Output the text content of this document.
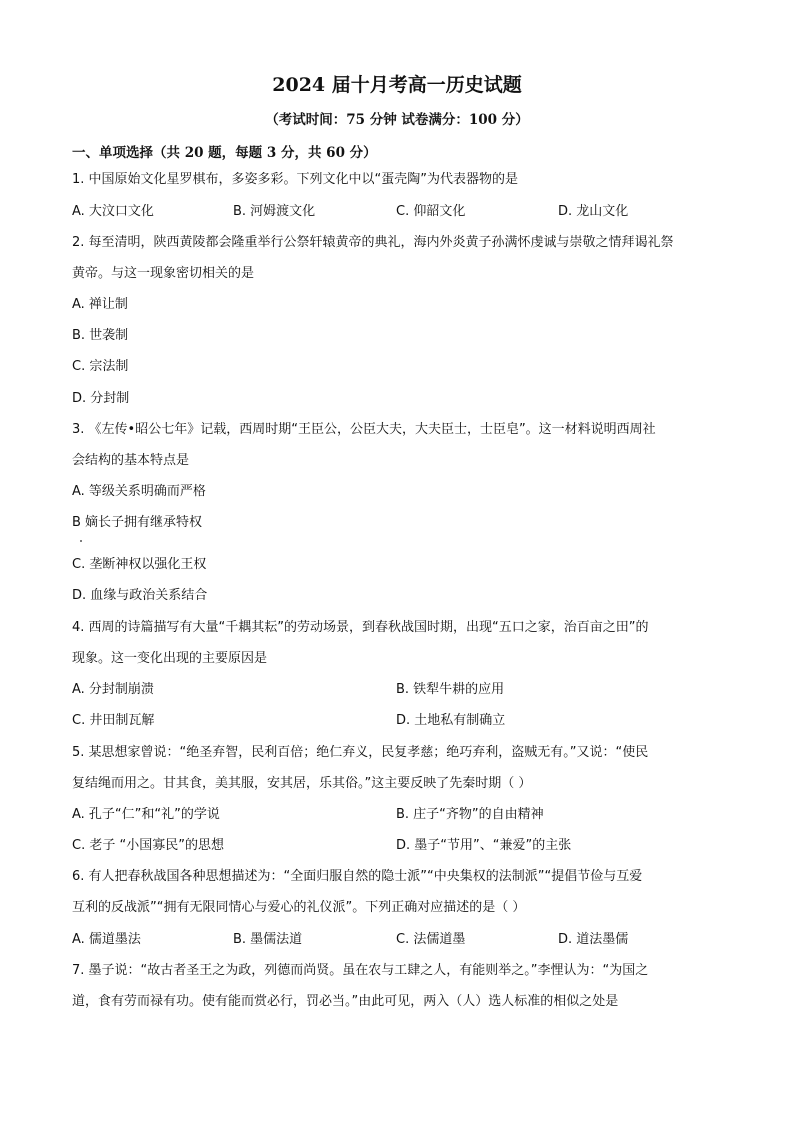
2024 届十月考高一历史试题
（考试时间：75 分钟 试卷满分：100 分）
一、单项选择（共 20 题，每题 3 分，共 60 分）
1. 中国原始文化星罗棋布，多姿多彩。下列文化中以“蛋壳陶”为代表器物的是
A. 大汶口文化	B. 河姆渡文化	C. 仰韶文化	D. 龙山文化
2. 每至清明，陕西黄陵都会隆重举行公祭轩辕黄帝的典礼，海内外炎黄子孙满怀虔诚与崇敬之情拜谒礼祭
黄帝。与这一现象密切相关的是
A. 禅让制
B. 世袭制
C. 宗法制
D. 分封制
3. 《左传•昭公七年》记载，西周时期“王臣公，公臣大夫，大夫臣士，士臣皂”。这一材料说明西周社
会结构的基本特点是
A. 等级关系明确而严格
B 嫡长子拥有继承特权
C. 垄断神权以强化王权
D. 血缘与政治关系结合
4. 西周的诗篇描写有大量“千耦其耘”的劳动场景，到春秋战国时期，出现“五口之家，治百亩之田”的
现象。这一变化出现的主要原因是
A. 分封制崩溃	B. 铁犁牛耕的应用
C. 井田制瓦解	D. 土地私有制确立
5. 某思想家曾说：“绝圣弃智，民利百倍；绝仁弃义，民复孝慈；绝巧弃利，盗贼无有。”又说：“使民
复结绳而用之。甘其食，美其服，安其居，乐其俗。”这主要反映了先秦时期（ ）
A. 孔子“仁”和“礼”的学说	B. 庄子“齐物”的自由精神
C. 老子 “小国寡民”的思想	D. 墨子“节用”、“兼爱”的主张
6. 有人把春秋战国各种思想描述为：“全面归服自然的隐士派”“中央集权的法制派”“提倡节俭与互爱
互利的反战派”“拥有无限同情心与爱心的礼仪派”。下列正确对应描述的是（ ）
A. 儒道墨法	B. 墨儒法道	C. 法儒道墨	D. 道法墨儒
7. 墨子说：“故古者圣王之为政，列德而尚贤。虽在农与工肆之人，有能则举之。”李悝认为：“为国之
道，食有劳而禄有功。使有能而赏必行，罚必当。”由此可见，两入（人）选人标准的相似之处是
